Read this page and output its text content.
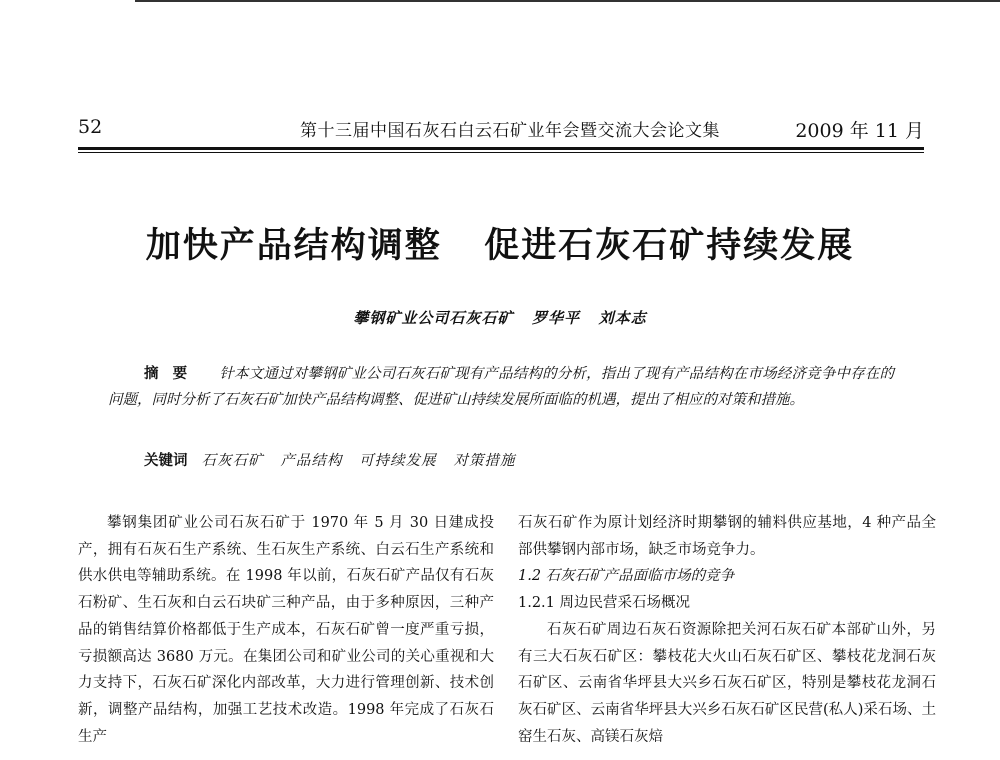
52	第十三届中国石灰石白云石矿业年会暨交流大会论文集	2009 年 11 月
加快产品结构调整   促进石灰石矿持续发展
攀钢矿业公司石灰石矿   罗华平   刘本志
摘要 针本文通过对攀钢矿业公司石灰石矿现有产品结构的分析，指出了现有产品结构在市场经济竞争中存在的问题，同时分析了石灰石矿加快产品结构调整、促进矿山持续发展所面临的机遇，提出了相应的对策和措施。
关键词 石灰石矿   产品结构   可持续发展   对策措施

攀钢集团矿业公司石灰石矿于 1970 年 5 月 30 日建成投产，拥有石灰石生产系统、生石灰生产系统、白云石生产系统和供水供电等辅助系统。在 1998 年以前，石灰石矿产品仅有石灰石粉矿、生石灰和白云石块矿三种产品，由于多种原因，三种产品的销售结算价格都低于生产成本，石灰石矿曾一度严重亏损，亏损额高达 3680 万元。在集团公司和矿业公司的关心重视和大力支持下，石灰石矿深化内部改革，大力进行管理创新、技术创新，调整产品结构，加强工艺技术改造。1998 年完成了石灰石生产

石灰石矿作为原计划经济时期攀钢的辅料供应基地，4 种产品全部供攀钢内部市场，缺乏市场竞争力。

1.2 石灰石矿产品面临市场的竞争

1.2.1 周边民营采石场概况

石灰石矿周边石灰石资源除把关河石灰石矿本部矿山外，另有三大石灰石矿区：攀枝花大火山石灰石矿区、攀枝花龙洞石灰石矿区、云南省华坪县大兴乡石灰石矿区，特别是攀枝花龙洞石灰石矿区、云南省华坪县大兴乡石灰石矿区民营(私人)采石场、土窑生石灰、高镁石灰焙
